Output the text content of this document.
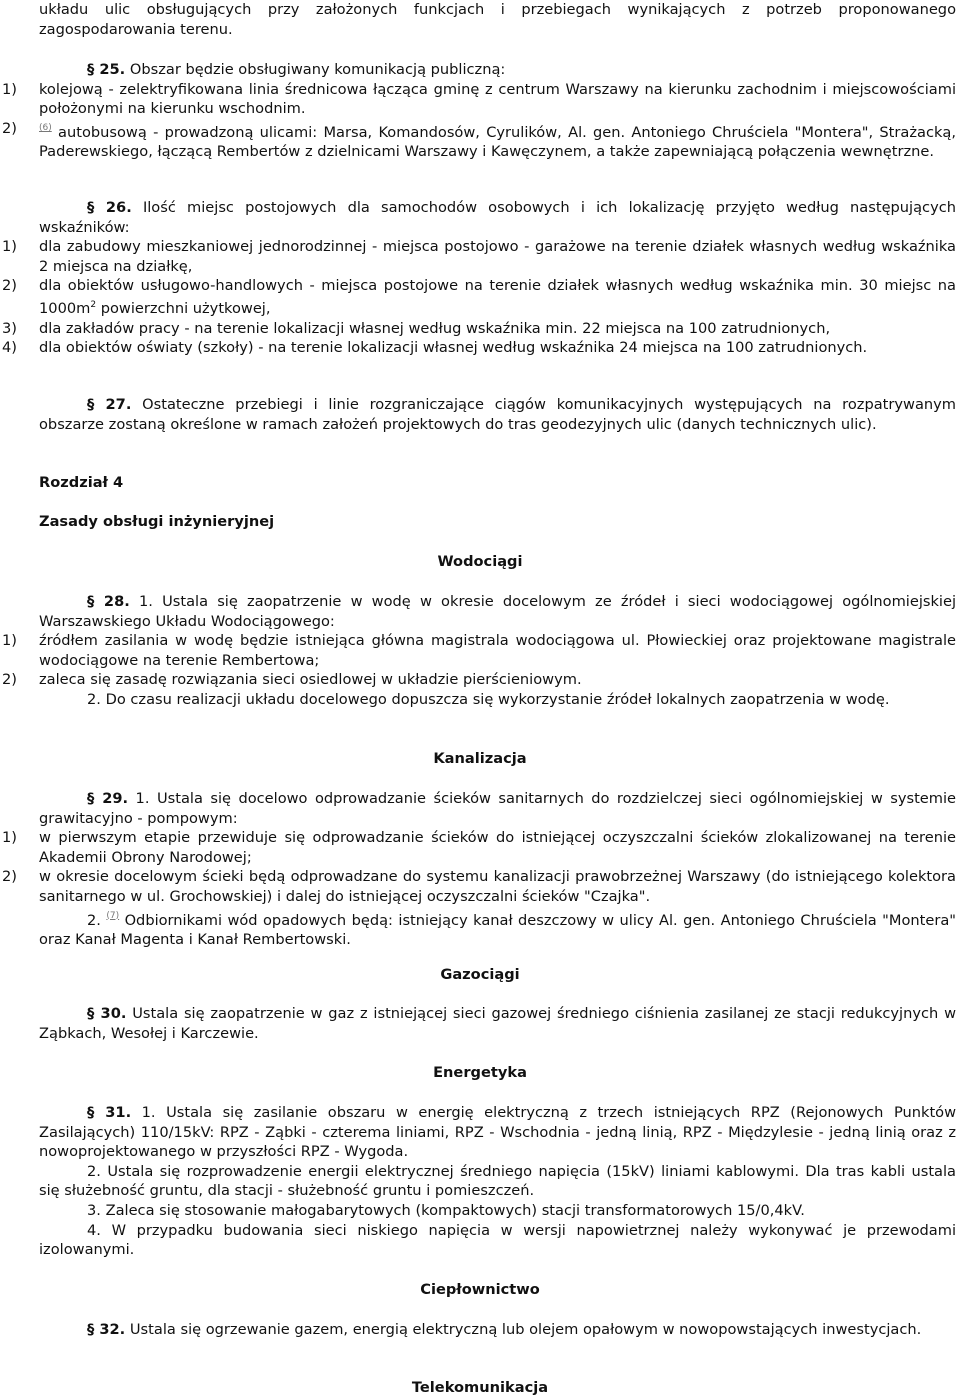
układu ulic obsługujących przy założonych funkcjach i przebiegach wynikających z potrzeb proponowanego zagospodarowania terenu.

§ 25. Obszar będzie obsługiwany komunikacją publiczną:

1) kolejową - zelektryfikowana linia średnicowa łącząca gminę z centrum Warszawy na kierunku zachodnim i miejscowościami położonymi na kierunku wschodnim.

2) $^{(6)}$ autobusową - prowadzoną ulicami: Marsa, Komandosów, Cyrulików, Al. gen. Antoniego Chruściela "Montera", Strażacką, Paderewskiego, łączącą Rembertów z dzielnicami Warszawy i Kawęczynem, a także zapewniającą połączenia wewnętrzne.

§ 26. Ilość miejsc postojowych dla samochodów osobowych i ich lokalizację przyjęto według następujących wskaźników:

1) dla zabudowy mieszkaniowej jednorodzinnej - miejsca postojowo - garażowe na terenie działek własnych według wskaźnika 2 miejsca na działkę,

2) dla obiektów usługowo-handlowych - miejsca postojowe na terenie działek własnych według wskaźnika min. 30 miejsc na $1000m^2$ powierzchni użytkowej,

3) dla zakładów pracy - na terenie lokalizacji własnej według wskaźnika min. 22 miejsca na 100 zatrudnionych,

4) dla obiektów oświaty (szkoły) - na terenie lokalizacji własnej według wskaźnika 24 miejsca na 100 zatrudnionych.

§ 27. Ostateczne przebiegi i linie rozgraniczające ciągów komunikacyjnych występujących na rozpatrywanym obszarze zostaną określone w ramach założeń projektowych do tras geodezyjnych ulic (danych technicznych ulic).

Rozdział 4

Zasady obsługi inżynieryjnej

Wodociągi

§ 28. 1. Ustala się zaopatrzenie w wodę w okresie docelowym ze źródeł i sieci wodociągowej ogólnomiejskiej Warszawskiego Układu Wodociągowego:

1) źródłem zasilania w wodę będzie istniejąca główna magistrala wodociągowa ul. Płowieckiej oraz projektowane magistrale wodociągowe na terenie Rembertowa;

2) zaleca się zasadę rozwiązania sieci osiedlowej w układzie pierścieniowym.

2. Do czasu realizacji układu docelowego dopuszcza się wykorzystanie źródeł lokalnych zaopatrzenia w wodę.

Kanalizacja

§ 29. 1. Ustala się docelowo odprowadzanie ścieków sanitarnych do rozdzielczej sieci ogólnomiejskiej w systemie grawitacyjno - pompowym:

1) w pierwszym etapie przewiduje się odprowadzanie ścieków do istniejącej oczyszczalni ścieków zlokalizowanej na terenie Akademii Obrony Narodowej;

2) w okresie docelowym ścieki będą odprowadzane do systemu kanalizacji prawobrzeżnej Warszawy (do istniejącego kolektora sanitarnego w ul. Grochowskiej) i dalej do istniejącej oczyszczalni ścieków "Czajka".

2. $^{(7)}$ Odbiornikami wód opadowych będą: istniejący kanał deszczowy w ulicy Al. gen. Antoniego Chruściela "Montera" oraz Kanał Magenta i Kanał Rembertowski.

Gazociągi

§ 30. Ustala się zaopatrzenie w gaz z istniejącej sieci gazowej średniego ciśnienia zasilanej ze stacji redukcyjnych w Ząbkach, Wesołej i Karczewie.

Energetyka

§ 31. 1. Ustala się zasilanie obszaru w energię elektryczną z trzech istniejących RPZ (Rejonowych Punktów Zasilających) 110/15kV: RPZ - Ząbki - czterema liniami, RPZ - Wschodnia - jedną linią, RPZ - Międzylesie - jedną linią oraz z nowoprojektowanego w przyszłości RPZ - Wygoda.

2. Ustala się rozprowadzenie energii elektrycznej średniego napięcia (15kV) liniami kablowymi. Dla tras kabli ustala się służebność gruntu, dla stacji - służebność gruntu i pomieszczeń.

3. Zaleca się stosowanie małogabarytowych (kompaktowych) stacji transformatorowych 15/0,4kV.

4. W przypadku budowania sieci niskiego napięcia w wersji napowietrznej należy wykonywać je przewodami izolowanymi.

Ciepłownictwo

§ 32. Ustala się ogrzewanie gazem, energią elektryczną lub olejem opałowym w nowopowstających inwestycjach.

Telekomunikacja
